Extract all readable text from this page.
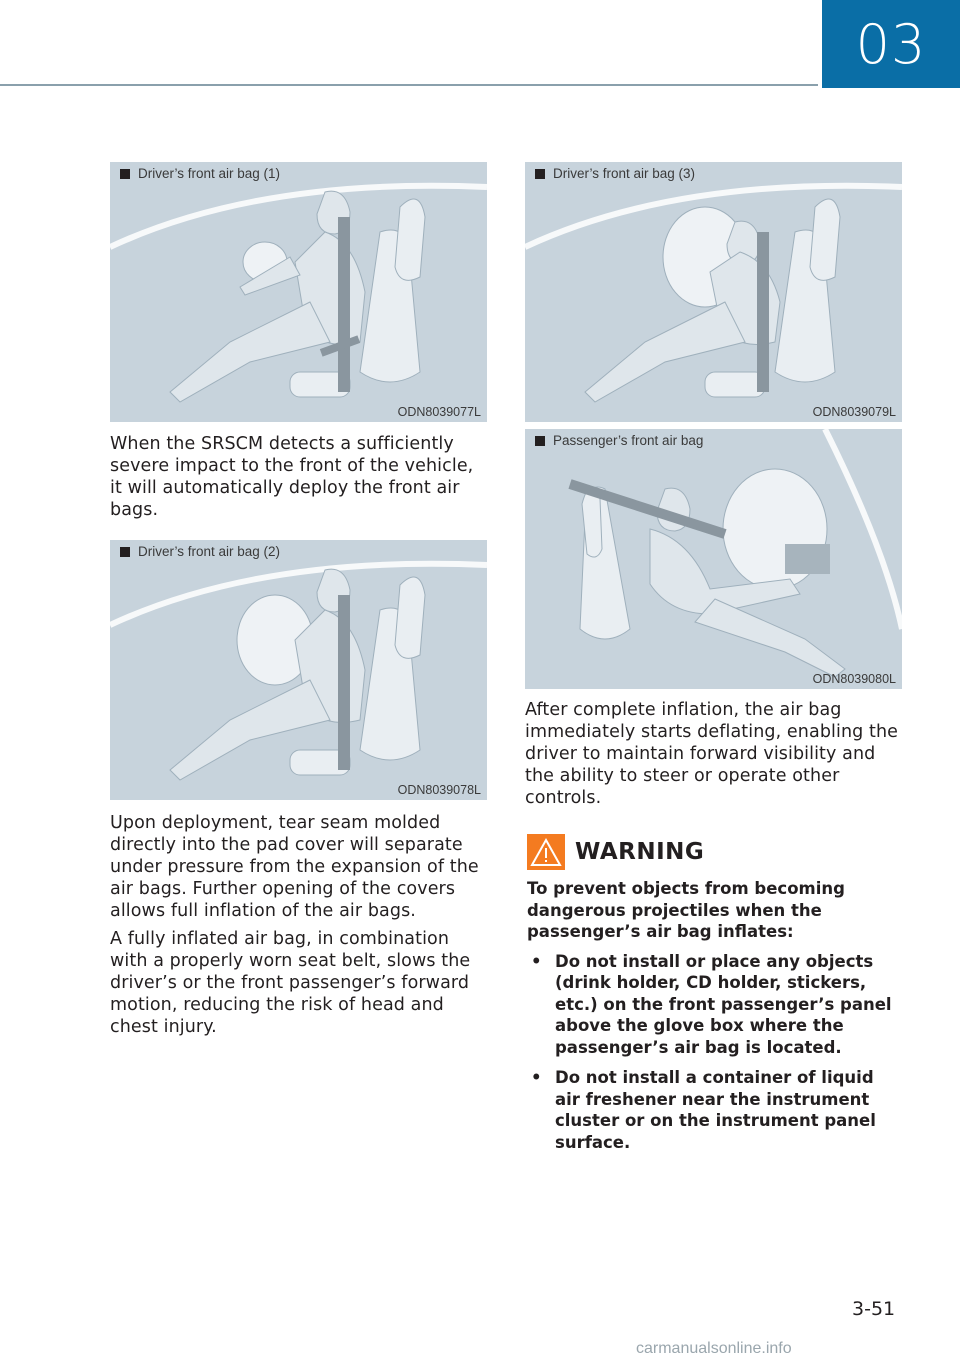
03
Driver’s front air bag (1)
ODN8039077L
When the SRSCM detects a sufficiently severe impact to the front of the vehicle, it will automatically deploy the front air bags.
Driver’s front air bag (2)
ODN8039078L
Upon deployment, tear seam molded directly into the pad cover will separate under pressure from the expansion of the air bags. Further opening of the covers allows full inflation of the air bags.
A fully inflated air bag, in combination with a properly worn seat belt, slows the driver’s or the front passenger’s forward motion, reducing the risk of head and chest injury.
Driver’s front air bag (3)
ODN8039079L
Passenger’s front air bag
ODN8039080L
After complete inflation, the air bag immediately starts deflating, enabling the driver to maintain forward visibility and the ability to steer or operate other controls.
WARNING

To prevent objects from becoming dangerous projectiles when the passenger’s air bag inflates:

• Do not install or place any objects (drink holder, CD holder, stickers, etc.) on the front passenger’s panel above the glove box where the passenger’s air bag is located.
• Do not install a container of liquid air freshener near the instrument cluster or on the instrument panel surface.
3-51
carmanualsonline.info
